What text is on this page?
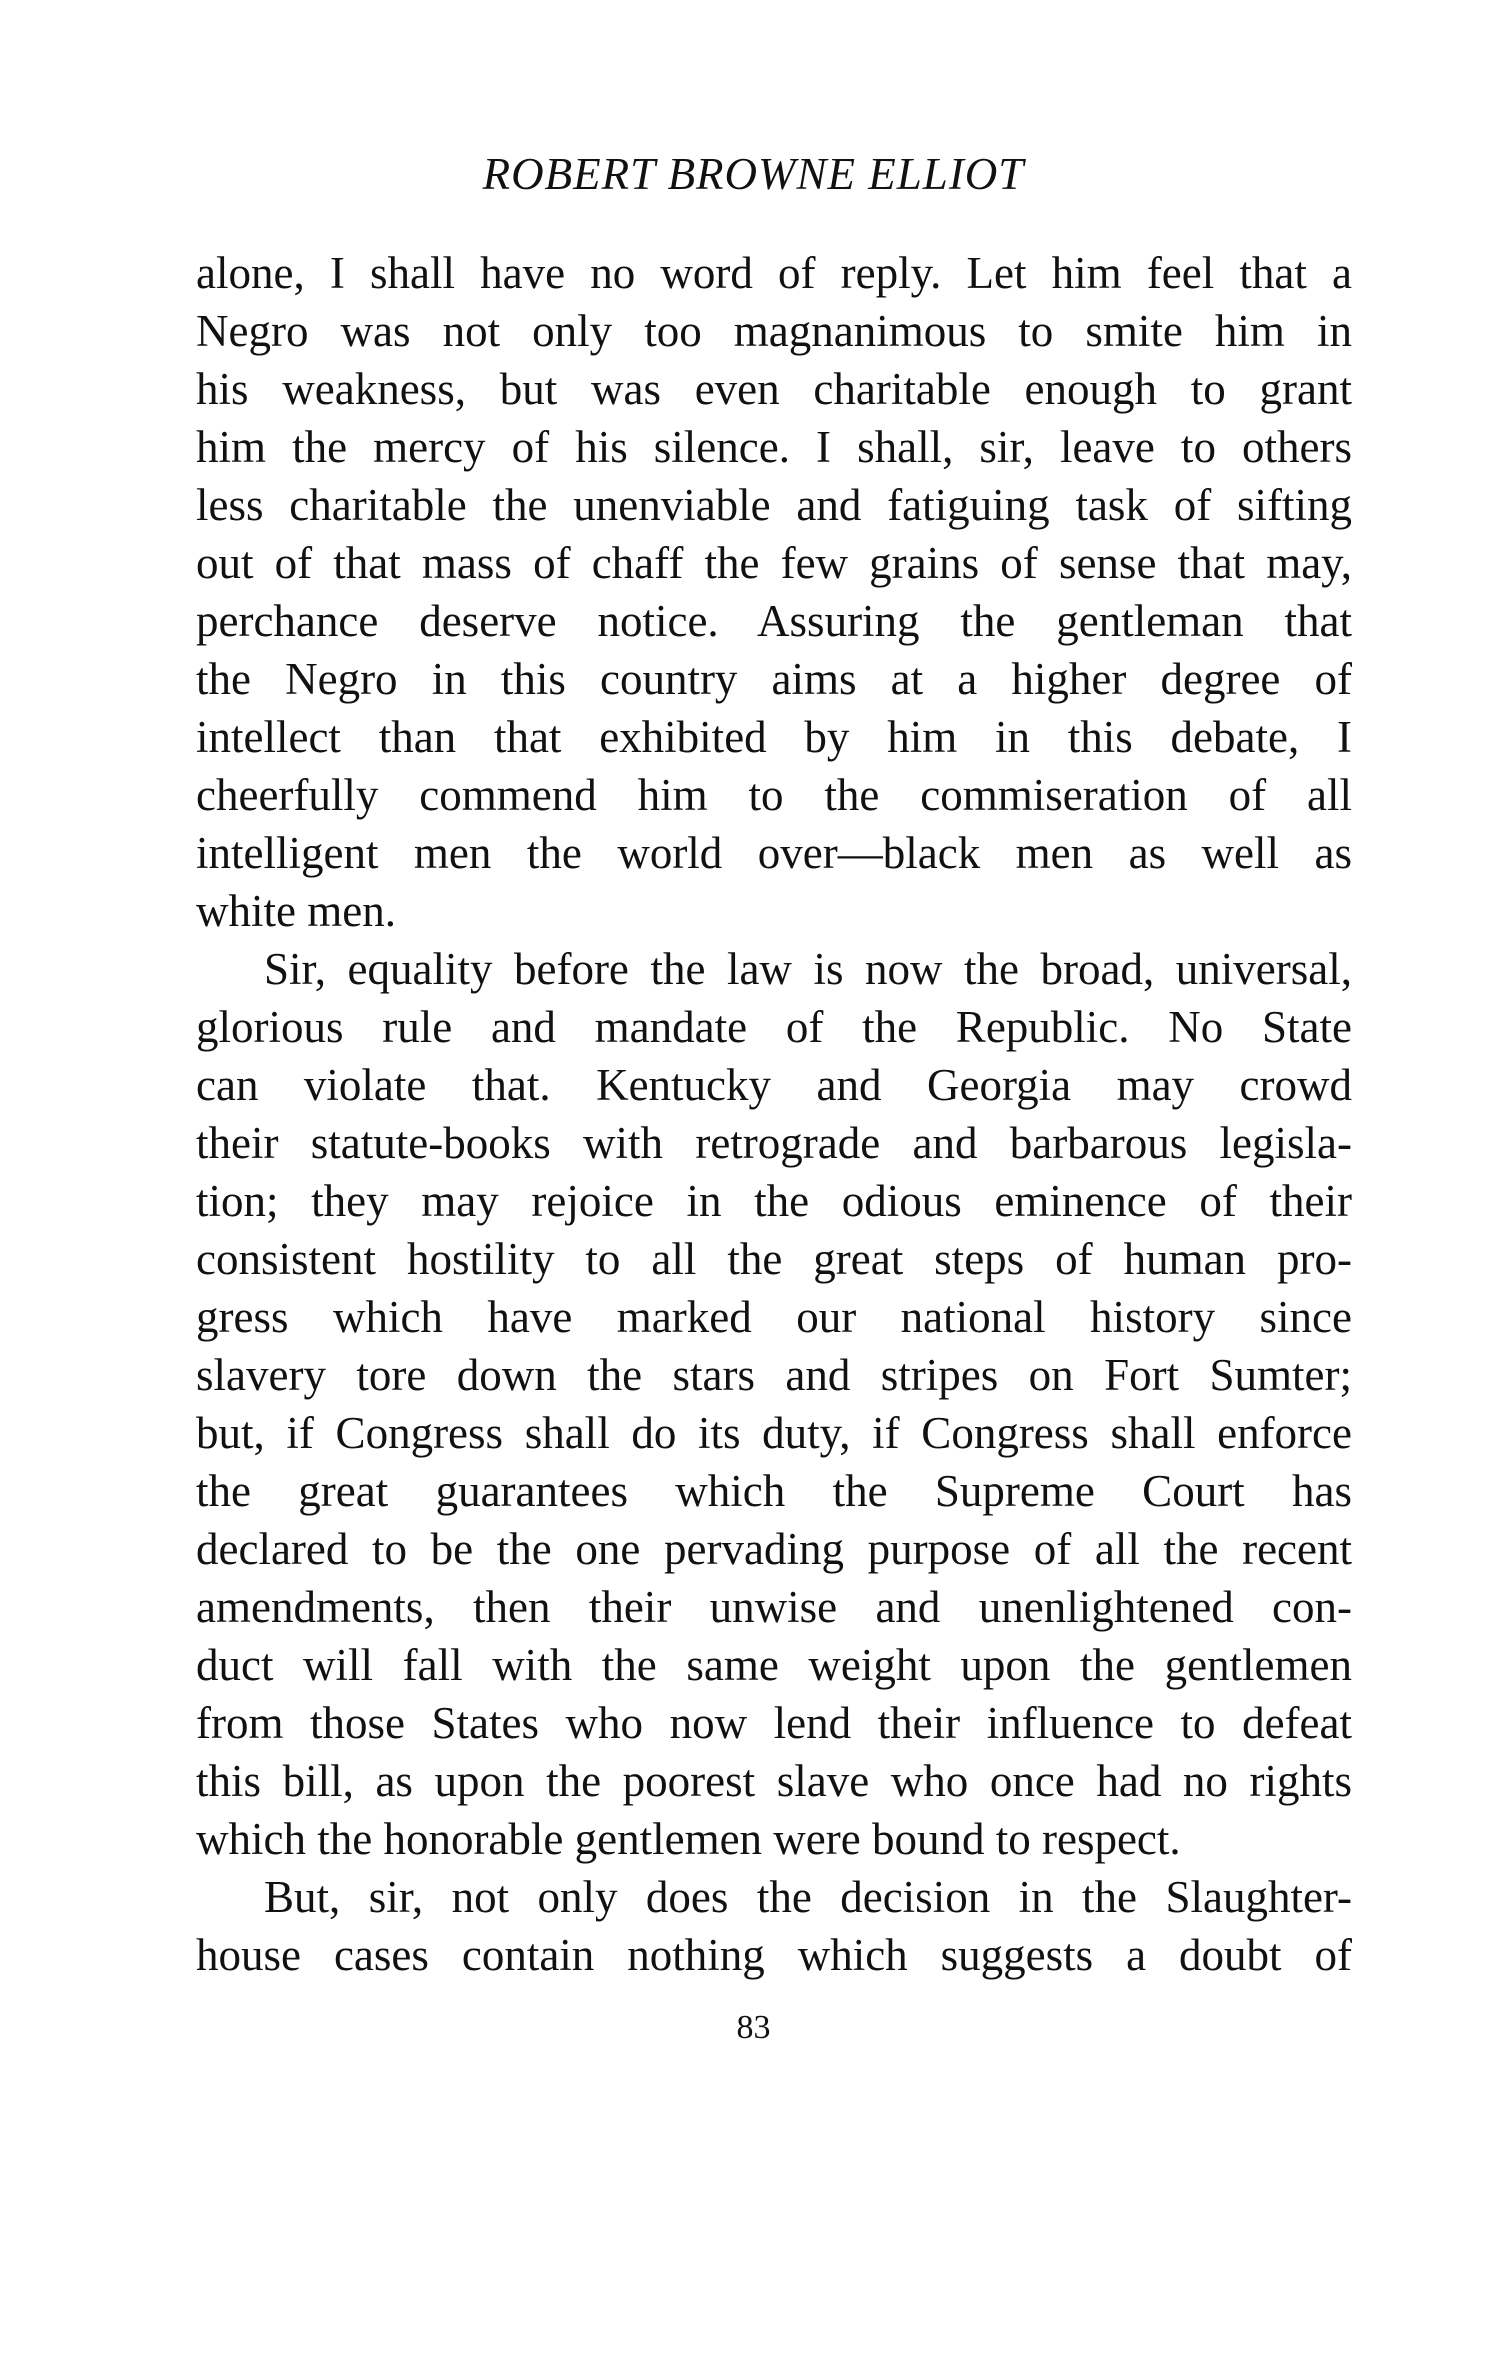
ROBERT BROWNE ELLIOT
alone, I shall have no word of reply. Let him feel that a
Negro was not only too magnanimous to smite him in
his weakness, but was even charitable enough to grant
him the mercy of his silence. I shall, sir, leave to others
less charitable the unenviable and fatiguing task of sifting
out of that mass of chaff the few grains of sense that may,
perchance deserve notice. Assuring the gentleman that
the Negro in this country aims at a higher degree of
intellect than that exhibited by him in this debate, I
cheerfully commend him to the commiseration of all
intelligent men the world over—black men as well as
white men.
Sir, equality before the law is now the broad, universal,
glorious rule and mandate of the Republic. No State
can violate that. Kentucky and Georgia may crowd
their statute-books with retrograde and barbarous legisla-
tion; they may rejoice in the odious eminence of their
consistent hostility to all the great steps of human pro-
gress which have marked our national history since
slavery tore down the stars and stripes on Fort Sumter;
but, if Congress shall do its duty, if Congress shall enforce
the great guarantees which the Supreme Court has
declared to be the one pervading purpose of all the recent
amendments, then their unwise and unenlightened con-
duct will fall with the same weight upon the gentlemen
from those States who now lend their influence to defeat
this bill, as upon the poorest slave who once had no rights
which the honorable gentlemen were bound to respect.
But, sir, not only does the decision in the Slaughter-
house cases contain nothing which suggests a doubt of
83
